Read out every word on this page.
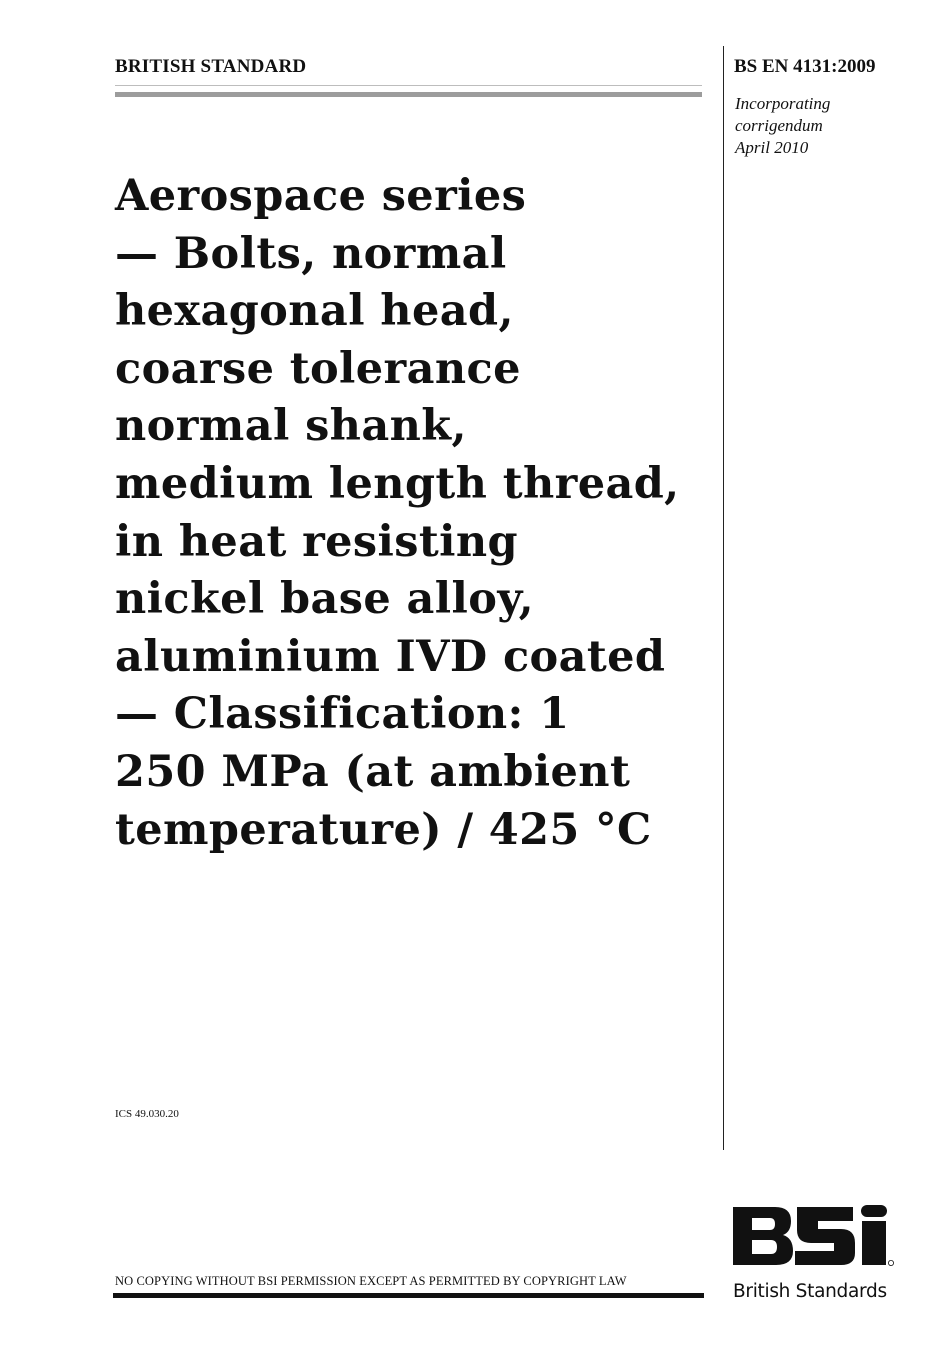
BRITISH STANDARD	BS EN 4131:2009
Incorporating
corrigendum
April 2010
Aerospace series
— Bolts, normal
hexagonal head,
coarse tolerance
normal shank,
medium length thread,
in heat resisting
nickel base alloy,
aluminium IVD coated
— Classification: 1
250 MPa (at ambient
temperature) / 425 °C
ICS 49.030.20
NO COPYING WITHOUT BSI PERMISSION EXCEPT AS PERMITTED BY COPYRIGHT LAW	British Standards
